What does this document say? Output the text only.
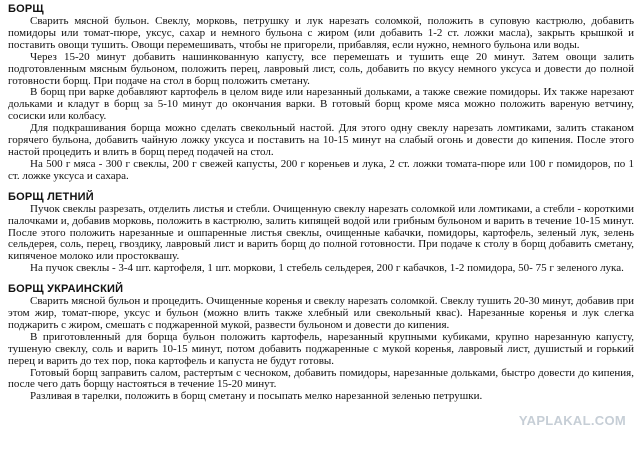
БОРЩ

Сварить мясной бульон. Свеклу, морковь, петрушку и лук нарезать соломкой, положить в суповую кастрюлю, добавить помидоры или томат-пюре, уксус, сахар и немного бульона с жиром (или добавить 1-2 ст. ложки масла), закрыть крышкой и поставить овощи тушить. Овощи перемешивать, чтобы не пригорели, прибавляя, если нужно, немного бульона или воды.

Через 15-20 минут добавить нашинкованную капусту, все перемешать и тушить еще 20 минут. Затем овощи залить подготовленным мясным бульоном, положить перец, лавровый лист, соль, добавить по вкусу немного уксуса и довести до полной готовности борщ. При подаче на стол в борщ положить сметану.

В борщ при варке добавляют картофель в целом виде или нарезанный дольками, а также свежие помидоры. Их также нарезают дольками и кладут в борщ за 5-10 минут до окончания варки. В готовый борщ кроме мяса можно положить вареную ветчину, сосиски или колбасу.

Для подкрашивания борща можно сделать свекольный настой. Для этого одну свеклу нарезать ломтиками, залить стаканом горячего бульона, добавить чайную ложку уксуса и поставить на 10-15 минут на слабый огонь и довести до кипения. После этого настой процедить и влить в борщ перед подачей на стол.

На 500 г мяса - 300 г свеклы, 200 г свежей капусты, 200 г кореньев и лука, 2 ст. ложки томата-пюре или 100 г помидоров, по 1 ст. ложке уксуса и сахара.

БОРЩ ЛЕТНИЙ

Пучок свеклы разрезать, отделить листья и стебли. Очищенную свеклу нарезать соломкой или ломтиками, а стебли - короткими палочками и, добавив морковь, положить в кастрюлю, залить кипящей водой или грибным бульоном и варить в течение 10-15 минут. После этого положить нарезанные и ошпаренные листья свеклы, очищенные кабачки, помидоры, картофель, зеленый лук, зелень сельдерея, соль, перец, гвоздику, лавровый лист и варить борщ до полной готовности. При подаче к столу в борщ добавить сметану, кипяченое молоко или простоквашу.

На пучок свеклы - 3-4 шт. картофеля, 1 шт. моркови, 1 стебель сельдерея, 200 г кабачков, 1-2 помидора, 50- 75 г зеленого лука.

БОРЩ УКРАИНСКИЙ

Сварить мясной бульон и процедить. Очищенные коренья и свеклу нарезать соломкой. Свеклу тушить 20-30 минут, добавив при этом жир, томат-пюре, уксус и бульон (можно влить также хлебный или свекольный квас). Нарезанные коренья и лук слегка поджарить с жиром, смешать с поджаренной мукой, развести бульоном и довести до кипения.

В приготовленный для борща бульон положить картофель, нарезанный крупными кубиками, крупно нарезанную капусту, тушеную свеклу, соль и варить 10-15 минут, потом добавить поджаренные с мукой коренья, лавровый лист, душистый и горький перец и варить до тех пор, пока картофель и капуста не будут готовы.

Готовый борщ заправить салом, растертым с чесноком, добавить помидоры, нарезанные дольками, быстро довести до кипения, после чего дать борщу настояться в течение 15-20 минут.

Разливая в тарелки, положить в борщ сметану и посыпать мелко нарезанной зеленью петрушки.

YAPLAKAL.COM
